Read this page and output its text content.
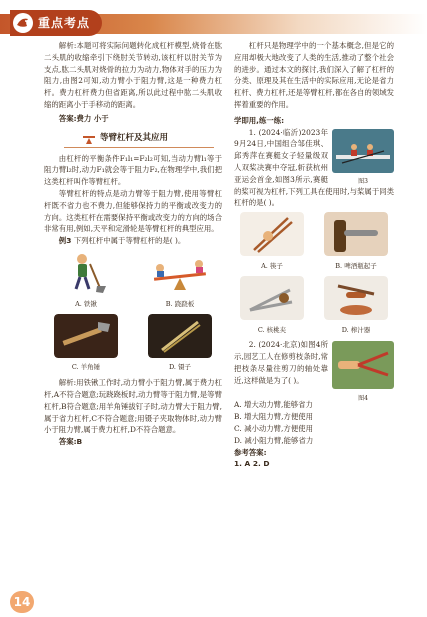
重点考点

解析:本题可将实际问题转化成杠杆模型,烧骨在肱二头肌的收缩牵引下绕肘关节转动,该杠杆以肘关节为支点,肱二头肌对烧骨的拉力为动力,物体对手的压力为阻力,由图2可知,动力臂小于阻力臂,这是一种费力杠杆。费力杠杆费力但省距离,所以此过程中肱二头肌收缩的距离小于手移动的距离。

答案:费力 小于

等臂杠杆及其应用

由杠杆的平衡条件F₁l₁=F₂l₂可知,当动力臂l₁等于阻力臂l₂时,动力F₁就会等于阻力F₂,在物理学中,我们把这类杠杆叫作等臂杠杆。

等臂杠杆的特点是动力臂等于阻力臂,使用等臂杠杆既不省力也不费力,但能够保持力的平衡或改变力的方向。这类杠杆在需要保持平衡或改变力的方向的场合非常有用,例如,天平和定滑轮是等臂杠杆的典型应用。

例3 下列杠杆中属于等臂杠杆的是( )。

A. 铁锹	B. 跷跷板
C. 羊角锤	D. 镊子

解析:用铁锹工作时,动力臂小于阻力臂,属于费力杠杆,A不符合题意;玩跷跷板时,动力臂等于阻力臂,是等臂杠杆,B符合题意;用羊角锤拔钉子时,动力臂大于阻力臂,属于省力杠杆,C不符合题意;用镊子夹取物体时,动力臂小于阻力臂,属于费力杠杆,D不符合题意。

答案:B

杠杆只是物理学中的一个基本概念,但是它的应用却极大地改变了人类的生活,推动了整个社会的进步。通过本文的探讨,我们深入了解了杠杆的分类、原理及其在生活中的实际应用,无论是省力杠杆、费力杠杆,还是等臂杠杆,都在各自的领域发挥着重要的作用。

学即用,练一练:

图3

1. (2024·临沂)2023年9月24日,中国组合邹佳琪、邱秀萍在赛艇女子轻量级双人双桨决赛中夺冠,斩获杭州亚运会首金,如图3所示,赛艇的桨可视为杠杆,下列工具在使用时,与桨属于同类杠杆的是( )。

A. 筷子	B. 啤酒瓶起子
C. 核桃夹	D. 榨汁器
图4

2. (2024·北京)如图4所示,园艺工人在修剪枝条时,常把枝条尽量往剪刀的轴处靠近,这样做是为了( )。

A. 增大动力臂,能够省力

B. 增大阻力臂,方便使用

C. 减小动力臂,方便使用

D. 减小阻力臂,能够省力

参考答案:

1. A 2. D

14
